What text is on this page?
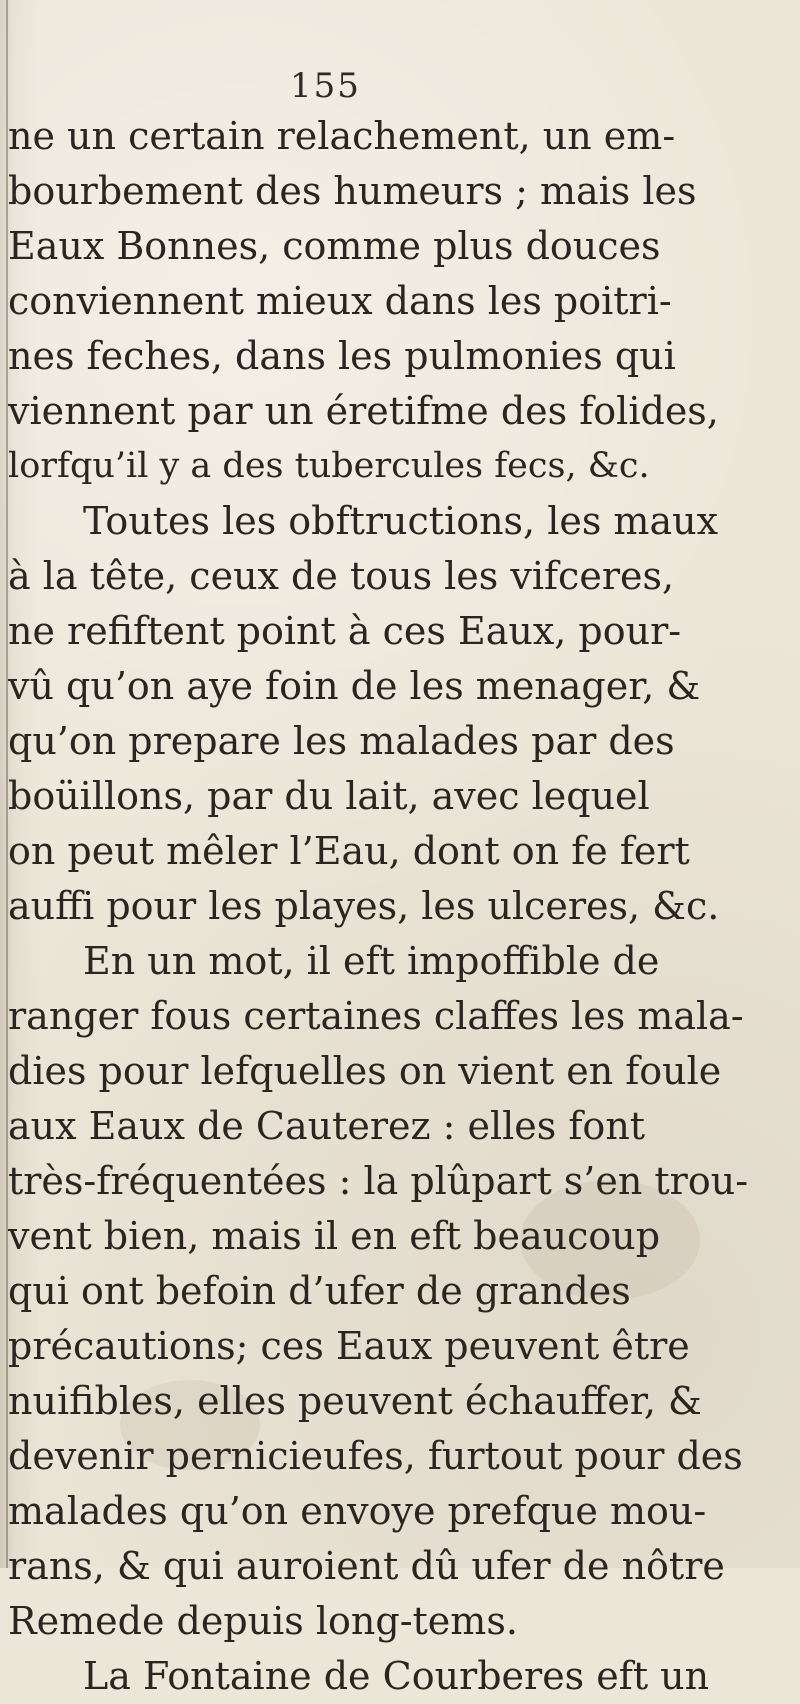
155
ne un certain relachement, un em-
bourbement des humeurs ; mais les
Eaux Bonnes, comme plus douces
conviennent mieux dans les poitri-
nes feches, dans les pulmonies qui
viennent par un éretifme des folides,
lorfqu’il y a des tubercules fecs, &c.
Toutes les obftructions, les maux
à la tête, ceux de tous les vifceres,
ne refiftent point à ces Eaux, pour-
vû qu’on aye foin de les menager, &
qu’on prepare les malades par des
boüillons, par du lait, avec lequel
on peut mêler l’Eau, dont on fe fert
auffi pour les playes, les ulceres, &c.
En un mot, il eft impoffible de
ranger fous certaines claffes les mala-
dies pour lefquelles on vient en foule
aux Eaux de Cauterez : elles font
très-fréquentées : la plûpart s’en trou-
vent bien, mais il en eft beaucoup
qui ont befoin d’ufer de grandes
précautions; ces Eaux peuvent être
nuifibles, elles peuvent échauffer, &
devenir pernicieufes, furtout pour des
malades qu’on envoye prefque mou-
rans, & qui auroient dû ufer de nôtre
Remede depuis long-tems.
La Fontaine de Courberes eft un
